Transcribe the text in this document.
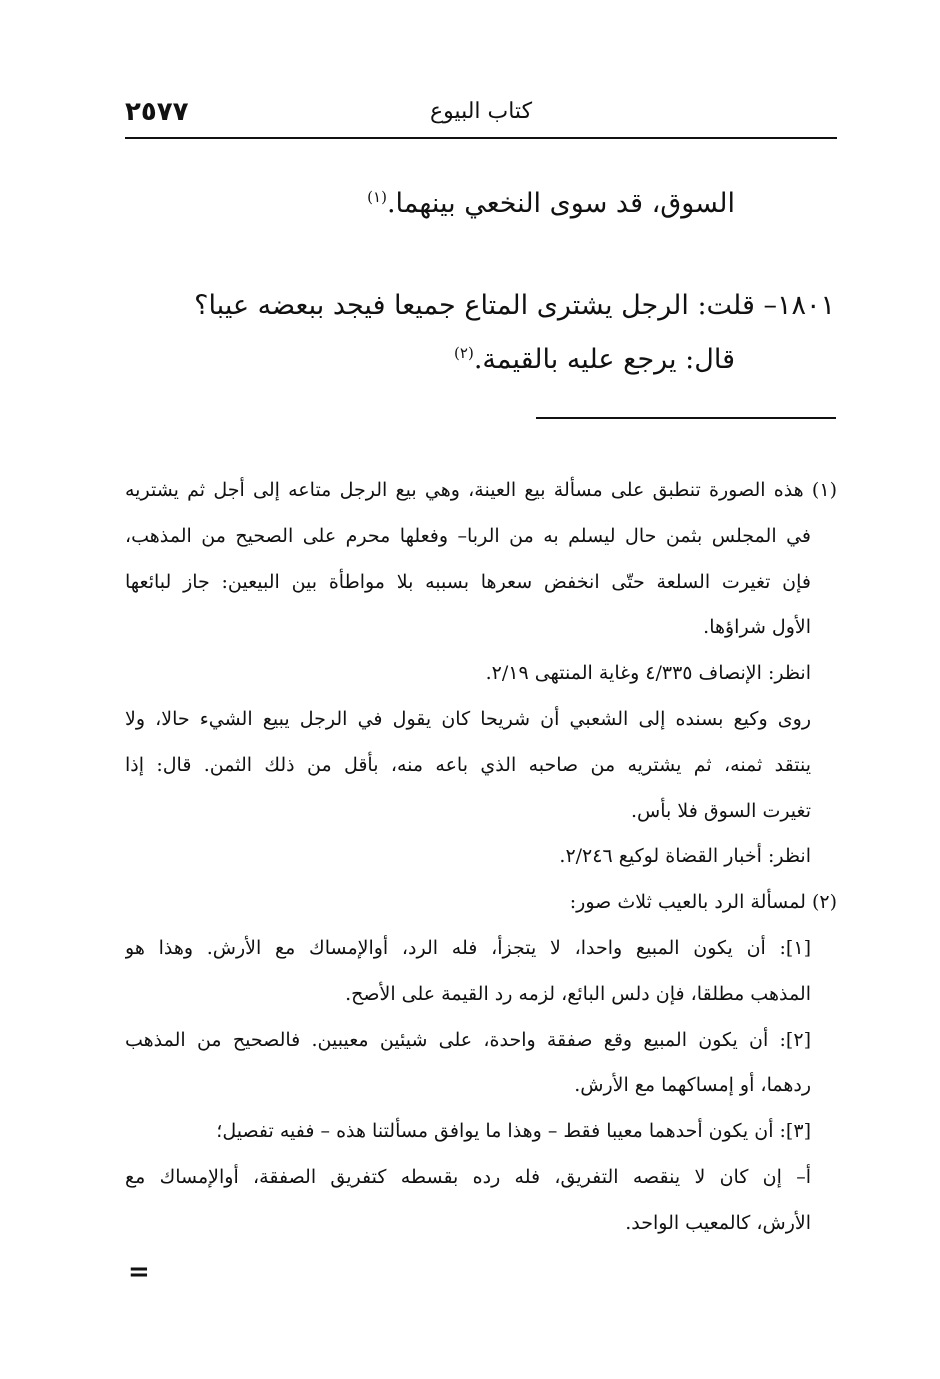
٢٥٧٧	كتاب البيوع
السوق، قد سوى النخعي بينهما.$^{(١)}$
١٨٠١– قلت: الرجل يشترى المتاع جميعا فيجد ببعضه عيبا؟
قال: يرجع عليه بالقيمة.$^{(٢)}$
(١) هذه الصورة تنطبق على مسألة بيع العينة، وهي بيع الرجل متاعه إلى أجل ثم يشتريه
في المجلس بثمن حال ليسلم به من الربا– وفعلها محرم على الصحيح من المذهب،
فإن تغيرت السلعة حتّى انخفض سعرها بسببه بلا مواطأة بين البيعين: جاز لبائعها
الأول شراؤها.
انظر: الإنصاف ٤/٣٣٥ وغاية المنتهى ٢/١٩.
روى وكيع بسنده إلى الشعبي أن شريحا كان يقول في الرجل يبيع الشيء حالا، ولا
ينتقد ثمنه، ثم يشتريه من صاحبه الذي باعه منه، بأقل من ذلك الثمن. قال: إذا
تغيرت السوق فلا بأس.
انظر: أخبار القضاة لوكيع ٢/٢٤٦.
(٢) لمسألة الرد بالعيب ثلاث صور:
[١]: أن يكون المبيع واحدا، لا يتجزأ، فله الرد، أوالإمساك مع الأرش. وهذا هو
المذهب مطلقا، فإن دلس البائع، لزمه رد القيمة على الأصح.
[٢]: أن يكون المبيع وقع صفقة واحدة، على شيئين معيبين. فالصحيح من المذهب
ردهما، أو إمساكهما مع الأرش.
[٣]: أن يكون أحدهما معيبا فقط – وهذا ما يوافق مسألتنا هذه – ففيه تفصيل؛
أ– إن كان لا ينقصه التفريق، فله رده بقسطه كتفريق الصفقة، أوالإمساك مع
الأرش، كالمعيب الواحد.
=
